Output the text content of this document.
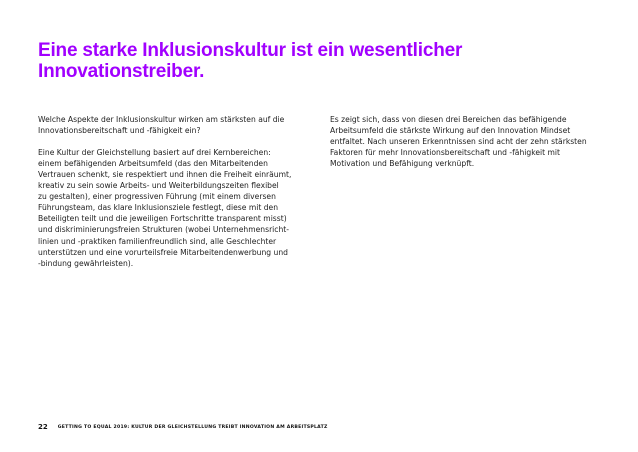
Eine starke Inklusionskultur ist ein wesentlicher
Innovationstreiber.
Welche Aspekte der Inklusionskultur wirken am stärksten auf die
Innovationsbereitschaft und -fähigkeit ein?
Eine Kultur der Gleichstellung basiert auf drei Kernbereichen:
einem befähigenden Arbeitsumfeld (das den Mitarbeitenden
Vertrauen schenkt, sie respektiert und ihnen die Freiheit einräumt,
kreativ zu sein sowie Arbeits- und Weiterbildungszeiten flexibel
zu gestalten), einer progressiven Führung (mit einem diversen
Führungsteam, das klare Inklusionsziele festlegt, diese mit den
Beteiligten teilt und die jeweiligen Fortschritte transparent misst)
und diskriminierungsfreien Strukturen (wobei Unternehmensricht-
linien und -praktiken familienfreundlich sind, alle Geschlechter
unterstützen und eine vorurteilsfreie Mitarbeitendenwerbung und
-bindung gewährleisten).
Es zeigt sich, dass von diesen drei Bereichen das befähigende
Arbeitsumfeld die stärkste Wirkung auf den Innovation Mindset
entfaltet. Nach unseren Erkenntnissen sind acht der zehn stärksten
Faktoren für mehr Innovationsbereitschaft und -fähigkeit mit
Motivation und Befähigung verknüpft.
22 GETTING TO EQUAL 2019: KULTUR DER GLEICHSTELLUNG TREIBT INNOVATION AM ARBEITSPLATZ
